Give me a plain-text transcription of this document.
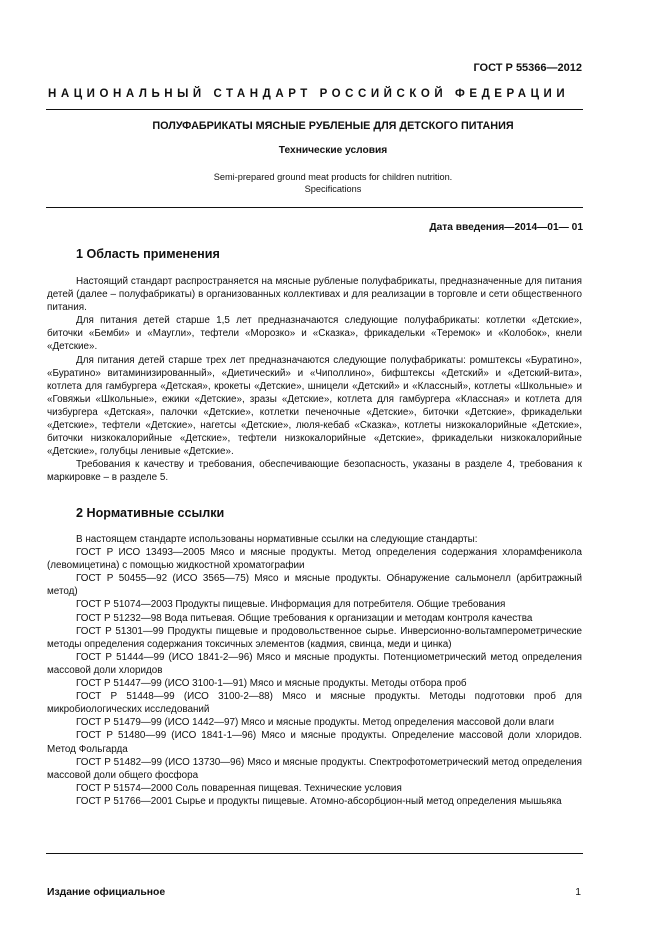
ГОСТ Р 55366—2012
НАЦИОНАЛЬНЫЙ СТАНДАРТ РОССИЙСКОЙ ФЕДЕРАЦИИ
ПОЛУФАБРИКАТЫ МЯСНЫЕ РУБЛЕНЫЕ ДЛЯ ДЕТСКОГО ПИТАНИЯ
Технические условия
Semi-prepared ground meat products for children nutrition.
Specifications
Дата введения—2014—01— 01
1 Область применения

Настоящий стандарт распространяется на мясные рубленые полуфабрикаты, предназначенные для питания детей (далее – полуфабрикаты) в организованных коллективах и для реализации в торговле и сети общественного питания.

Для питания детей старше 1,5 лет предназначаются следующие полуфабрикаты: котлетки «Детские», биточки «Бемби» и «Маугли», тефтели «Морозко» и «Сказка», фрикадельки «Теремок» и «Колобок», кнели «Детские».

Для питания детей старше трех лет предназначаются следующие полуфабрикаты: ромштексы «Буратино», «Буратино» витаминизированный», «Диетический» и «Чиполлино», бифштексы «Детский» и «Детский-вита», котлета для гамбургера «Детская», крокеты «Детские», шницели «Детский» и «Классный», котлеты «Школьные» и «Говяжьи «Школьные», ежики «Детские», зразы «Детские», котлета для гамбургера «Классная» и котлета для чизбургера «Детская», палочки «Детские», котлетки печеночные «Детские», биточки «Детские», фрикадельки «Детские», тефтели «Детские», нагетсы «Детские», люля-кебаб «Сказка», котлеты низкокалорийные «Детские», биточки низкокалорийные «Детские», тефтели низкокалорийные «Детские», фрикадельки низкокалорийные «Детские», голубцы ленивые «Детские».

Требования к качеству и требования, обеспечивающие безопасность, указаны в разделе 4, требования к маркировке – в разделе 5.

2 Нормативные ссылки

В настоящем стандарте использованы нормативные ссылки на следующие стандарты:

ГОСТ Р ИСО 13493—2005 Мясо и мясные продукты. Метод определения содержания хлорамфеникола (левомицетина) с помощью жидкостной хроматографии

ГОСТ Р 50455—92 (ИСО 3565—75) Мясо и мясные продукты. Обнаружение сальмонелл (арбитражный метод)

ГОСТ Р 51074—2003 Продукты пищевые. Информация для потребителя. Общие требования

ГОСТ Р 51232—98 Вода питьевая. Общие требования к организации и методам контроля качества

ГОСТ Р 51301—99 Продукты пищевые и продовольственное сырье. Инверсионно-вольтамперометрические методы определения содержания токсичных элементов (кадмия, свинца, меди и цинка)

ГОСТ Р 51444—99 (ИСО 1841-2—96) Мясо и мясные продукты. Потенциометрический метод определения массовой доли хлоридов

ГОСТ Р 51447—99 (ИСО 3100-1—91) Мясо и мясные продукты. Методы отбора проб

ГОСТ Р 51448—99 (ИСО 3100-2—88) Мясо и мясные продукты. Методы подготовки проб для микробиологических исследований

ГОСТ Р 51479—99 (ИСО 1442—97) Мясо и мясные продукты. Метод определения массовой доли влаги

ГОСТ Р 51480—99 (ИСО 1841-1—96) Мясо и мясные продукты. Определение массовой доли хлоридов. Метод Фольгарда

ГОСТ Р 51482—99 (ИСО 13730—96) Мясо и мясные продукты. Спектрофотометрический метод определения массовой доли общего фосфора

ГОСТ Р 51574—2000 Соль поваренная пищевая. Технические условия

ГОСТ Р 51766—2001 Сырье и продукты пищевые. Атомно-абсорбцион-ный метод определения мышьяка

Издание официальное	1
